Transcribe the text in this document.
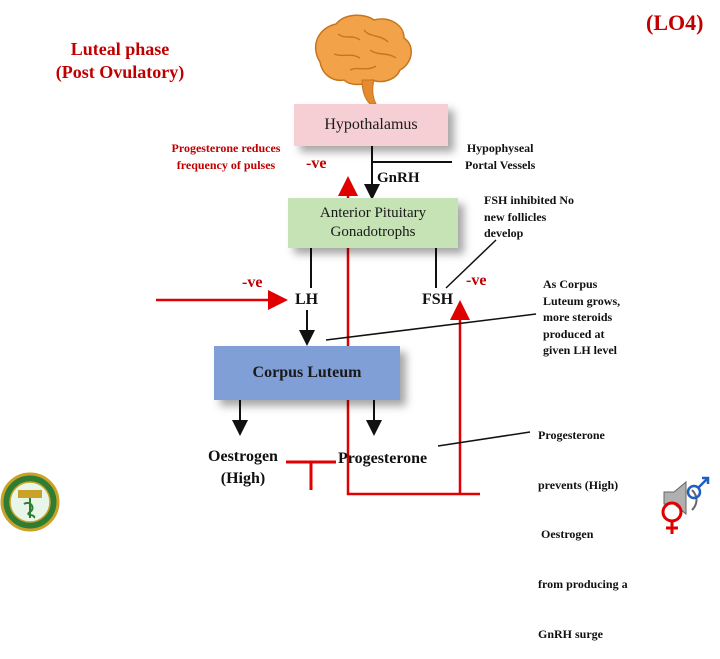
(LO4)
Luteal phase
(Post Ovulatory)
Hypothalamus
Anterior Pituitary
Gonadotrophs
Corpus Luteum
GnRH
LH	FSH
Oestrogen
(High)
Progesterone
-ve
-ve	-ve
Hypophyseal
Portal Vessels
Progesterone reduces
frequency of pulses
FSH inhibited No
new follicles
develop
As Corpus
Luteum grows,
more steroids
produced at
given LH level

Progesterone

prevents (High)

Oestrogen

from producing a

GnRH surge
